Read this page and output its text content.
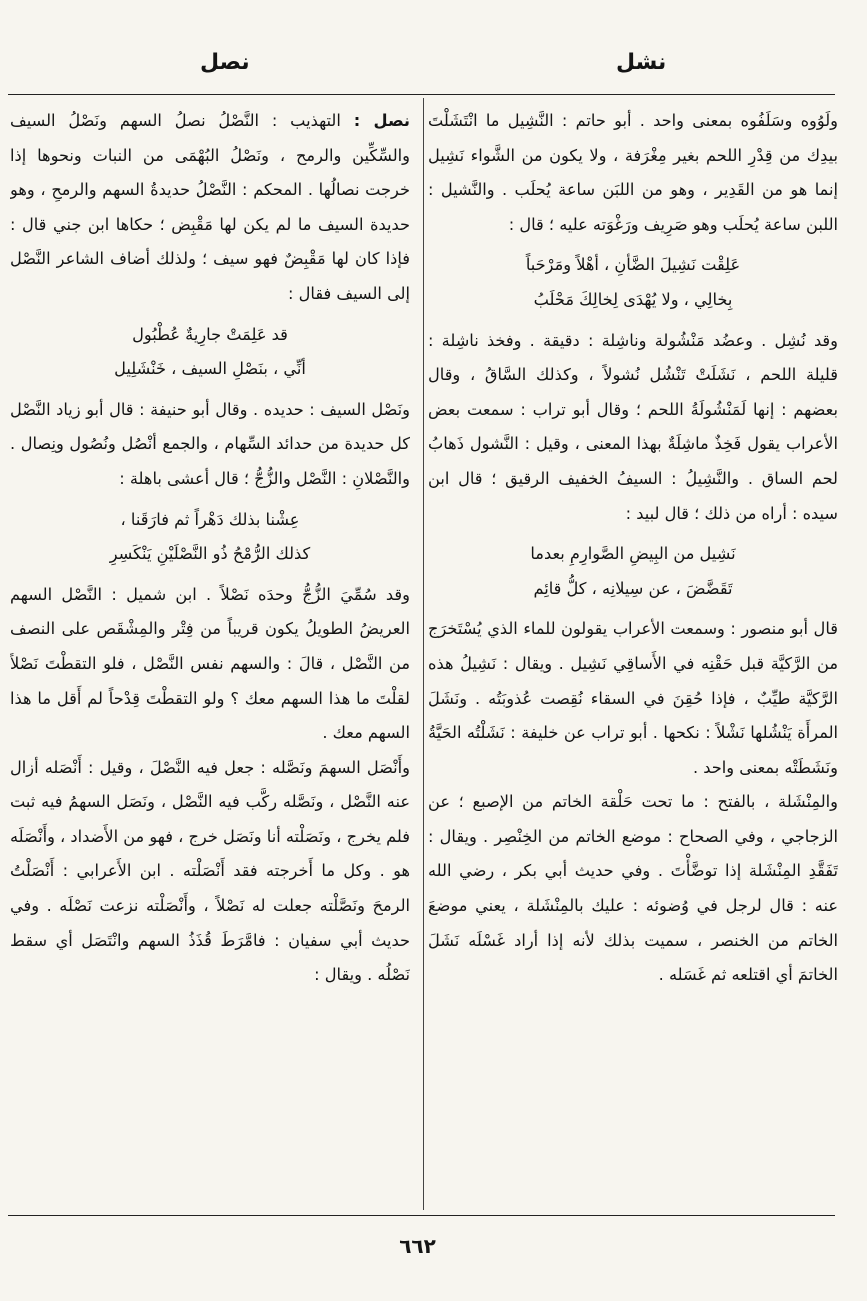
نصل	نشل

ولَوُوه وسَلَفُوه بمعنى واحد . أبو حاتم : النَّشِيل ما انْتَشَلْتَ بيدِك من قِدْرِ اللحم بغير مِغْرَفة ، ولا يكون من الشَّواء نَشِيل إنما هو من القَدِير ، وهو من اللبَن ساعة يُحلَب . والنَّشيل : اللبن ساعة يُحلَب وهو صَرِيف ورَغْوَته عليه ؛ قال :

عَلِقْت نَشِيلَ الضَّأنِ ، أهْلاً ومَرْحَباً
بِخالِي ، ولا يُهْدَى لِخالِكَ مَحْلَبُ

وقد نُشِل . وعضُد مَنْشُولة وناشِلة : دقيقة . وفخذ ناشِلة : قليلة اللحم ، نَشَلَتْ تَنْشُل نُشولاً ، وكذلك السَّاقُ ، وقال بعضهم : إنها لَمَنْشُولَةُ اللحم ؛ وقال أبو تراب : سمعت بعض الأعراب يقول فَخِذٌ ماشِلَةٌ بهذا المعنى ، وقيل : النَّشول ذَهابُ لحم الساق . والنَّشِيلُ : السيفُ الخفيف الرقيق ؛ قال ابن سيده : أراه من ذلك ؛ قال لبيد :

نَشِيل من البِيضِ الصَّوارِمِ بعدما
تَقَضَّضَ ، عن سِيلانِه ، كلُّ قائِم

قال أبو منصور : وسمعت الأعراب يقولون للماء الذي يُسْتَخرَج من الرَّكيَّة قبل حَقْنِه في الأَساقِي نَشِيل . ويقال : نَشِيلُ هذه الرَّكيَّة طيِّبٌ ، فإذا حُقِنَ في السقاء نُقِصت عُذوبَتُه . ونَشَلَ المرأَة يَنْشُلها نَشْلاً : نكحها . أبو تراب عن خليفة : نَشَلْتُه الحَيَّةُ ونَشَطَتْه بمعنى واحد .

والمِنْشَلة ، بالفتح : ما تحت حَلْقة الخاتم من الإصبع ؛ عن الزجاجي ، وفي الصحاح : موضع الخاتم من الخِنْصِر . ويقال : تَفَقَّدِ المِنْشَلة إذا توضَّأْتَ . وفي حديث أبي بكر ، رضي الله عنه : قال لرجل في وُضوئه : عليك بالمِنْشَلة ، يعني موضعَ الخاتم من الخنصر ، سميت بذلك لأنه إذا أراد غَسْلَه نَشَلَ الخاتمَ أي اقتلعه ثم غَسَله .

نصل : التهذيب : النَّصْلُ نصلُ السهم ونَصْلُ السيف والسِّكِّين والرمح ، ونَصْلُ البُهْمَى من النبات ونحوها إذا خرجت نصالُها . المحكم : النَّصْلُ حديدةُ السهم والرمحِ ، وهو حديدة السيف ما لم يكن لها مَقْبِض ؛ حكاها ابن جني قال : فإذا كان لها مَقْبِضٌ فهو سيف ؛ ولذلك أضاف الشاعر النَّصْل إلى السيف فقال :

قد عَلِمَتْ جارِيةٌ عُطْبُول
أنِّي ، بنَصْلِ السيف ، خَنْشَلِيل

ونَصْل السيف : حديده . وقال أبو حنيفة : قال أبو زياد النَّصْل كل حديدة من حدائد السِّهام ، والجمع أنْصُل ونُصُول ونِصال . والنَّصْلانِ : النَّصْل والزُّجُّ ؛ قال أعشى باهلة :

عِشْنا بذلك دَهْراً ثم فارَقَنا ،
كذلك الرُّمْحُ ذُو النَّصْلَيْنِ يَنْكَسِرِ

وقد سُمِّيَ الزُّجُّ وحدَه نَصْلاً . ابن شميل : النَّصْل السهم العريضُ الطويلُ يكون قريباً من فِتْر والمِشْقَص على النصف من النَّصْل ، قالَ : والسهم نفس النَّصْل ، فلو التقطْتَ نَصْلاً لقلْتَ ما هذا السهم معك ؟ ولو التقطْتَ قِدْحاً لم أَقل ما هذا السهم معك .

وأَنْصَل السهمَ ونَصَّله : جعل فيه النَّصْلَ ، وقيل : أَنْصَله أزال عنه النَّصْل ، ونَصَّله ركَّب فيه النَّصْل ، ونَصَل السهمُ فيه ثبت فلم يخرج ، ونَصَلْته أنا ونَصَل خرج ، فهو من الأَضداد ، وأَنْصَلَه هو . وكل ما أَخرجته فقد أَنْصَلْته . ابن الأَعرابي : أَنْصَلْتُ الرمحَ ونَصَّلْته جعلت له نَصْلاً ، وأَنْصَلْته نزعت نَصْلَه . وفي حديث أبي سفيان : فامَّرَطَ قُذَذُ السهم وانْتَصَل أي سقط نَصْلُه . ويقال :

٦٦٢
